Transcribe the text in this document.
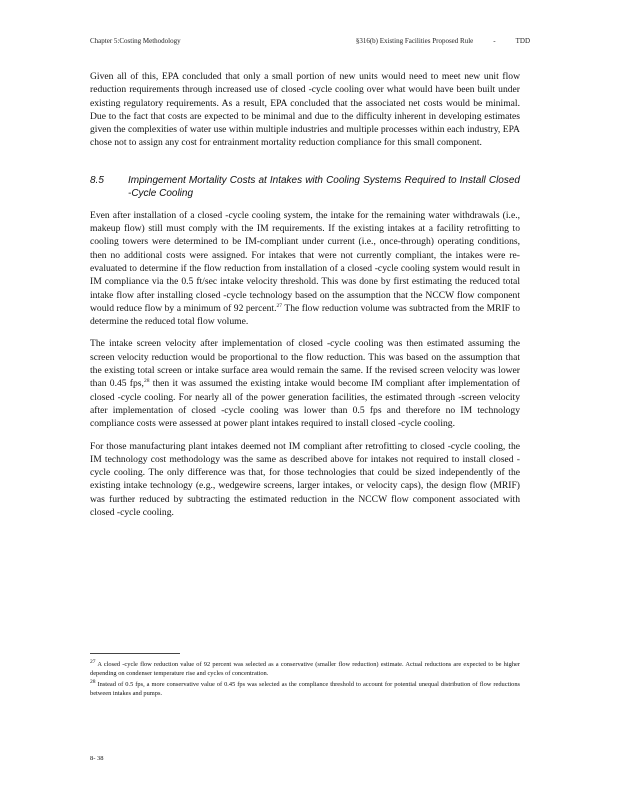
Chapter 5:Costing Methodology	§316(b) Existing Facilities Proposed Rule	-	TDD

Given all of this, EPA concluded that only a small portion of new units would need to meet new unit flow reduction requirements through increased use of closed -cycle cooling over what would have been built under existing regulatory requirements. As a result, EPA concluded that the associated net costs would be minimal. Due to the fact that costs are expected to be minimal and due to the difficulty inherent in developing estimates given the complexities of water use within multiple industries and multiple processes within each industry, EPA chose not to assign any cost for entrainment mortality reduction compliance for this small component.

8.5	Impingement Mortality Costs at Intakes with Cooling Systems Required to Install Closed -Cycle Cooling

Even after installation of a closed -cycle cooling system, the intake for the remaining water withdrawals (i.e., makeup flow) still must comply with the IM requirements. If the existing intakes at a facility retrofitting to cooling towers were determined to be IM-compliant under current (i.e., once-through) operating conditions, then no additional costs were assigned. For intakes that were not currently compliant, the intakes were re-evaluated to determine if the flow reduction from installation of a closed -cycle cooling system would result in IM compliance via the 0.5 ft/sec intake velocity threshold. This was done by first estimating the reduced total intake flow after installing closed -cycle technology based on the assumption that the NCCW flow component would reduce flow by a minimum of 92 percent.$^{27}$ The flow reduction volume was subtracted from the MRIF to determine the reduced total flow volume.

The intake screen velocity after implementation of closed -cycle cooling was then estimated assuming the screen velocity reduction would be proportional to the flow reduction. This was based on the assumption that the existing total screen or intake surface area would remain the same. If the revised screen velocity was lower than 0.45 fps,$^{28}$ then it was assumed the existing intake would become IM compliant after implementation of closed -cycle cooling. For nearly all of the power generation facilities, the estimated through -screen velocity after implementation of closed -cycle cooling was lower than 0.5 fps and therefore no IM technology compliance costs were assessed at power plant intakes required to install closed -cycle cooling.

For those manufacturing plant intakes deemed not IM compliant after retrofitting to closed -cycle cooling, the IM technology cost methodology was the same as described above for intakes not required to install closed -cycle cooling. The only difference was that, for those technologies that could be sized independently of the existing intake technology (e.g., wedgewire screens, larger intakes, or velocity caps), the design flow (MRIF) was further reduced by subtracting the estimated reduction in the NCCW flow component associated with closed -cycle cooling.

27 A closed -cycle flow reduction value of 92 percent was selected as a conservative (smaller flow reduction) estimate. Actual reductions are expected to be higher depending on condenser temperature rise and cycles of concentration.

28 Instead of 0.5 fps, a more conservative value of 0.45 fps was selected as the compliance threshold to account for potential unequal distribution of flow reductions between intakes and pumps.

8- 38
